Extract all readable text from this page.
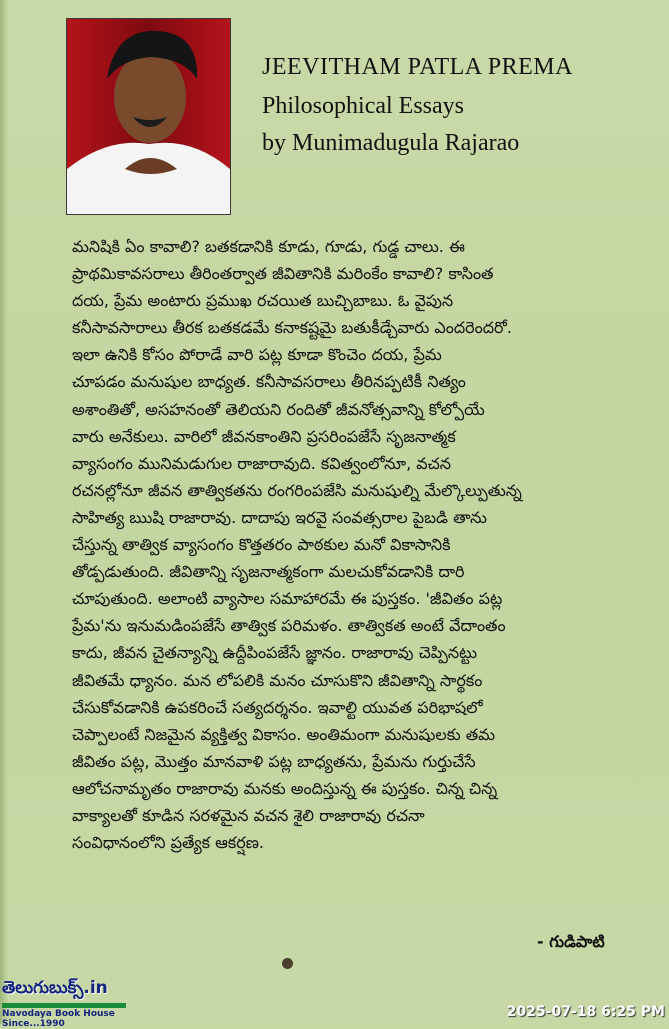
JEEVITHAM PATLA PREMA
Philosophical Essays
by Munimadugula Rajarao

మనిషికి ఏం కావాలి? బతకడానికి కూడు, గూడు, గుడ్డ చాలు. ఈ

ప్రాథమికావసరాలు తీరింతర్వాత జీవితానికి మరింకేం కావాలి? కాసింత

దయ, ప్రేమ అంటారు ప్రముఖ రచయిత బుచ్చిబాబు. ఓ వైపున

కనీసావసారాలు తీరక బతకడమే కనాకష్టమై బతుకీడ్చేవారు ఎందరెందరో.

ఇలా ఉనికి కోసం పోరాడే వారి పట్ల కూడా కొంచెం దయ, ప్రేమ

చూపడం మనుషుల బాధ్యత. కనీసావసరాలు తీరినప్పటికీ నిత్యం

అశాంతితో, అసహనంతో తెలియని రందితో జీవనోత్సవాన్ని కోల్పోయే

వారు అనేకులు. వారిలో జీవనకాంతిని ప్రసరింపజేసే సృజనాత్మక

వ్యాసంగం మునిమడుగుల రాజారావుది. కవిత్వంలోనూ, వచన

రచనల్లోనూ జీవన తాత్వికతను రంగరింపజేసి మనుషుల్ని మేల్కొల్పుతున్న

సాహిత్య ఋషి రాజారావు. దాదాపు ఇరవై సంవత్సరాల పైబడి తాను

చేస్తున్న తాత్విక వ్యాసంగం కొత్తతరం పాఠకుల మనో వికాసానికి

తోడ్పడుతుంది. జీవితాన్ని సృజనాత్మకంగా మలచుకోవడానికి దారి

చూపుతుంది. అలాంటి వ్యాసాల సమాహారమే ఈ పుస్తకం. 'జీవితం పట్ల

ప్రేమ'ను ఇనుమడింపజేసే తాత్విక పరిమళం. తాత్వికత అంటే వేదాంతం

కాదు, జీవన చైతన్యాన్ని ఉద్దీపింపజేసే జ్ఞానం. రాజారావు చెప్పినట్టు

జీవితమే ధ్యానం. మన లోపలికి మనం చూసుకొని జీవితాన్ని సార్థకం

చేసుకోవడానికి ఉపకరించే సత్యదర్శనం. ఇవాల్టి యువత పరిభాషలో

చెప్పాలంటే నిజమైన వ్యక్తిత్వ వికాసం. అంతిమంగా మనుషులకు తమ

జీవితం పట్ల, మొత్తం మానవాళి పట్ల బాధ్యతను, ప్రేమను గుర్తుచేసే

ఆలోచనామృతం రాజారావు మనకు అందిస్తున్న ఈ పుస్తకం. చిన్న చిన్న

వాక్యాలతో కూడిన సరళమైన వచన శైలి రాజారావు రచనా

సంవిధానంలోని ప్రత్యేక ఆకర్షణ.

- గుడిపాటి
తెలుగుబుక్స్.in
Navodaya Book House
Since...1990
2025-07-18 6:25 PM
